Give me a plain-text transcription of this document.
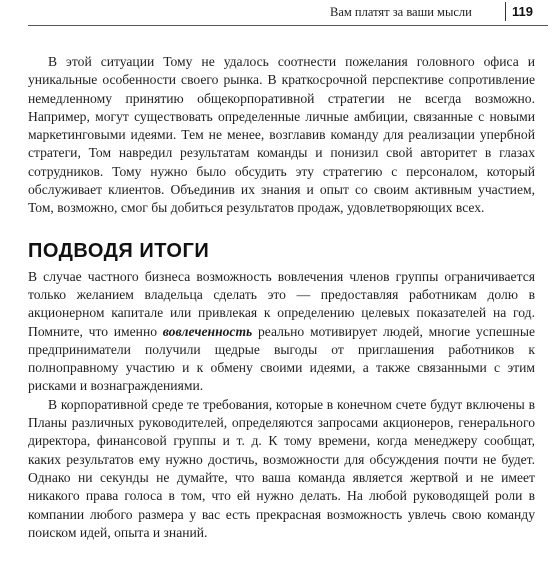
Вам платят за ваши мысли	119

В этой ситуации Тому не удалось соотнести пожелания головного офиса и уникальные особенности своего рынка. В краткосрочной перспективе сопротивление немедленному принятию общекорпоративной стратегии не всегда возможно. Например, могут существовать определенные личные амбиции, связанные с новыми маркетинговыми идеями. Тем не менее, возглавив команду для реализации упербной стратеги, Том навредил результатам команды и понизил свой авторитет в глазах сотрудников. Тому нужно было обсудить эту стратегию с персоналом, который обслуживает клиентов. Объединив их знания и опыт со своим активным участием, Том, возможно, смог бы добиться результатов продаж, удовлетворяющих всех.

ПОДВОДЯ ИТОГИ

В случае частного бизнеса возможность вовлечения членов группы ограничивается только желанием владельца сделать это — предоставляя работникам долю в акционерном капитале или привлекая к определению целевых показателей на год. Помните, что именно вовлеченность реально мотивирует людей, многие успешные предприниматели получили щедрые выгоды от приглашения работников к полноправному участию и к обмену своими идеями, а также связанными с этим рисками и вознаграждениями.

В корпоративной среде те требования, которые в конечном счете будут включены в Планы различных руководителей, определяются запросами акционеров, генерального директора, финансовой группы и т. д. К тому времени, когда менеджеру сообщат, каких результатов ему нужно достичь, возможности для обсуждения почти не будет. Однако ни секунды не думайте, что ваша команда является жертвой и не имеет никакого права голоса в том, что ей нужно делать. На любой руководящей роли в компании любого размера у вас есть прекрасная возможность увлечь свою команду поиском идей, опыта и знаний.
